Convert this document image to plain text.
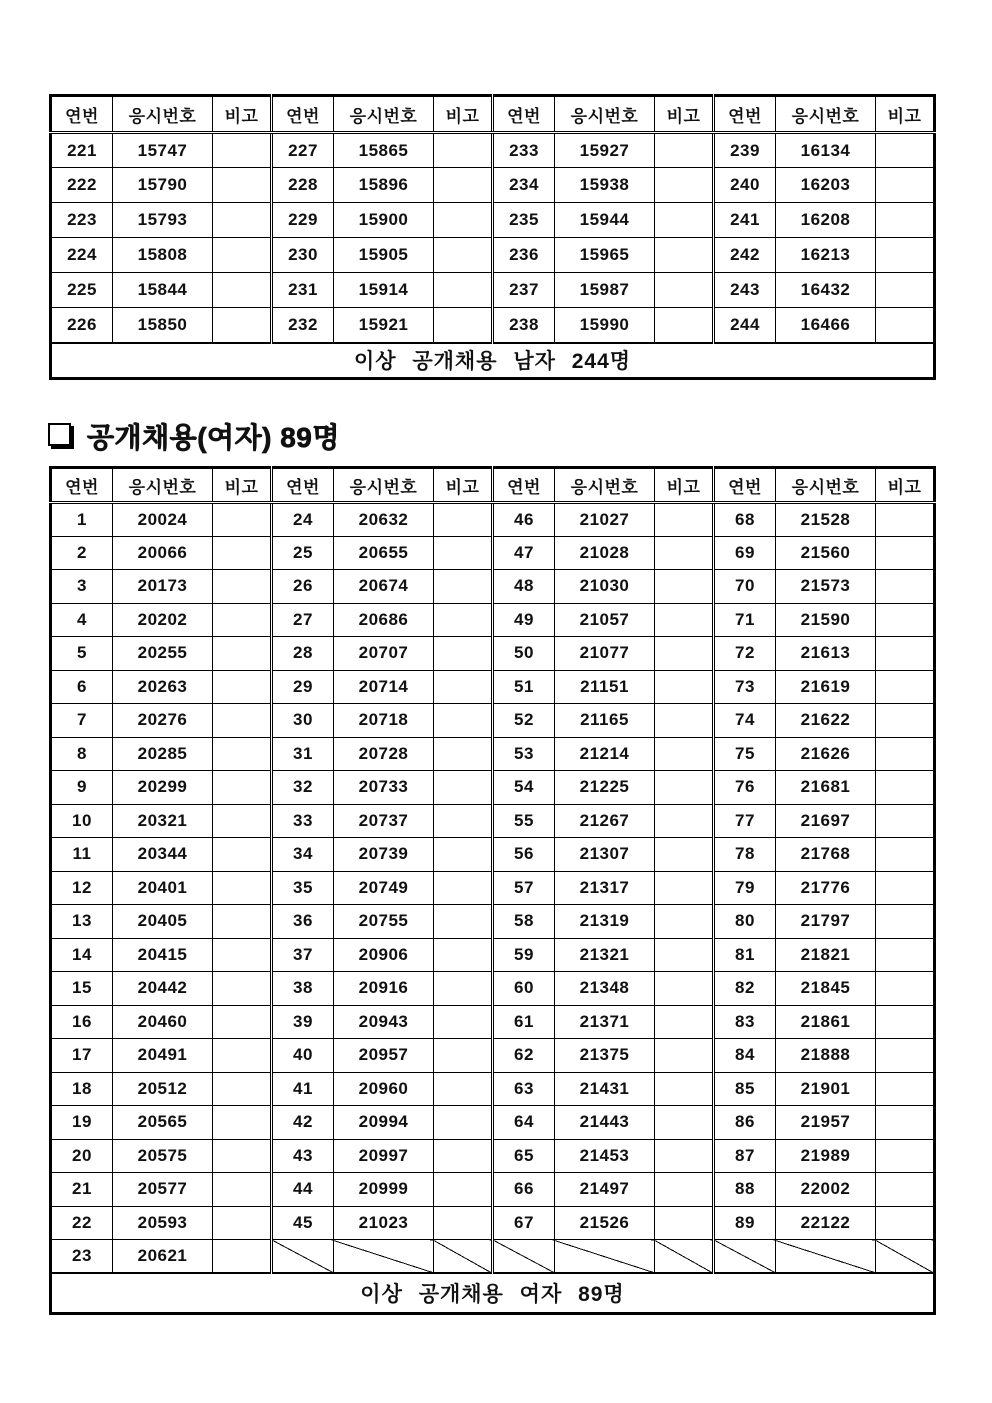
연번	응시번호	비고	연번	응시번호	비고	연번	응시번호	비고	연번	응시번호	비고
221	15747		227	15865		233	15927		239	16134	
222	15790		228	15896		234	15938		240	16203	
223	15793		229	15900		235	15944		241	16208	
224	15808		230	15905		236	15965		242	16213	
225	15844		231	15914		237	15987		243	16432	
226	15850		232	15921		238	15990		244	16466	
이상 공개채용 남자 244명											
공개채용(여자) 89명
연번	응시번호	비고	연번	응시번호	비고	연번	응시번호	비고	연번	응시번호	비고
1	20024		24	20632		46	21027		68	21528	
2	20066		25	20655		47	21028		69	21560	
3	20173		26	20674		48	21030		70	21573	
4	20202		27	20686		49	21057		71	21590	
5	20255		28	20707		50	21077		72	21613	
6	20263		29	20714		51	21151		73	21619	
7	20276		30	20718		52	21165		74	21622	
8	20285		31	20728		53	21214		75	21626	
9	20299		32	20733		54	21225		76	21681	
10	20321		33	20737		55	21267		77	21697	
11	20344		34	20739		56	21307		78	21768	
12	20401		35	20749		57	21317		79	21776	
13	20405		36	20755		58	21319		80	21797	
14	20415		37	20906		59	21321		81	21821	
15	20442		38	20916		60	21348		82	21845	
16	20460		39	20943		61	21371		83	21861	
17	20491		40	20957		62	21375		84	21888	
18	20512		41	20960		63	21431		85	21901	
19	20565		42	20994		64	21443		86	21957	
20	20575		43	20997		65	21453		87	21989	
21	20577		44	20999		66	21497		88	22002	
22	20593		45	21023		67	21526		89	22122	
23	20621										
이상 공개채용 여자 89명											
